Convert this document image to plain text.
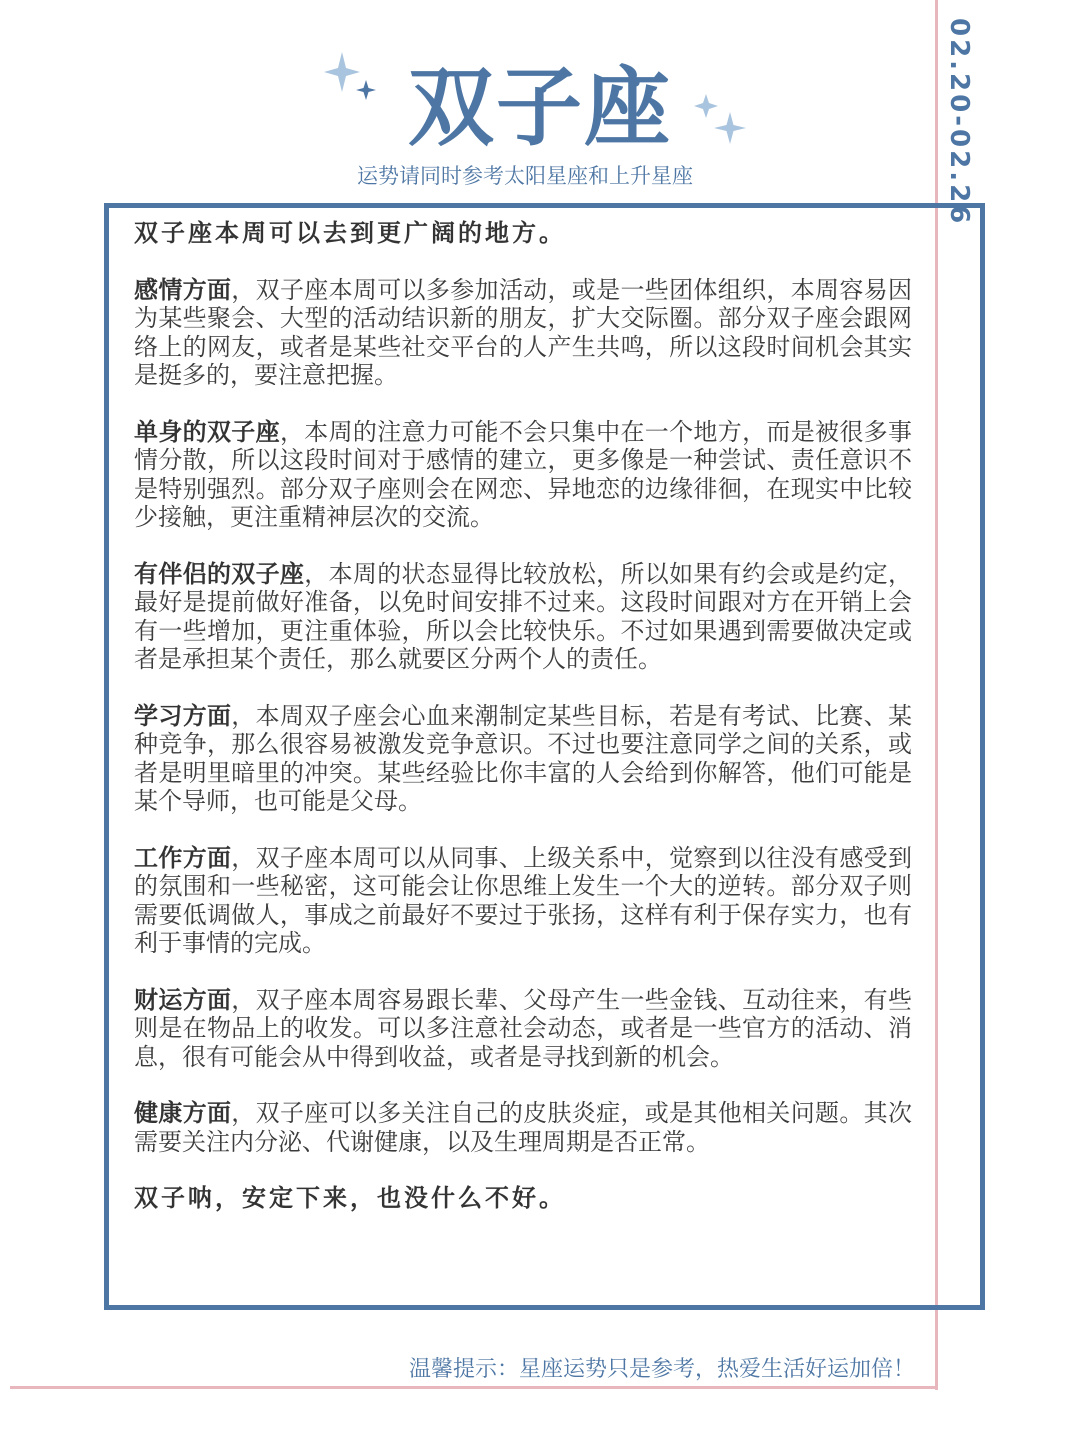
02.20-02.26
双子座
运势请同时参考太阳星座和上升星座

双子座本周可以去到更广阔的地方。

感情方面，双子座本周可以多参加活动，或是一些团体组织，本周容易因为某些聚会、大型的活动结识新的朋友，扩大交际圈。部分双子座会跟网络上的网友，或者是某些社交平台的人产生共鸣，所以这段时间机会其实是挺多的，要注意把握。

单身的双子座，本周的注意力可能不会只集中在一个地方，而是被很多事情分散，所以这段时间对于感情的建立，更多像是一种尝试、责任意识不是特别强烈。部分双子座则会在网恋、异地恋的边缘徘徊，在现实中比较少接触，更注重精神层次的交流。

有伴侣的双子座，本周的状态显得比较放松，所以如果有约会或是约定，最好是提前做好准备，以免时间安排不过来。这段时间跟对方在开销上会有一些增加，更注重体验，所以会比较快乐。不过如果遇到需要做决定或者是承担某个责任，那么就要区分两个人的责任。

学习方面，本周双子座会心血来潮制定某些目标，若是有考试、比赛、某种竞争，那么很容易被激发竞争意识。不过也要注意同学之间的关系，或者是明里暗里的冲突。某些经验比你丰富的人会给到你解答，他们可能是某个导师，也可能是父母。

工作方面，双子座本周可以从同事、上级关系中，觉察到以往没有感受到的氛围和一些秘密，这可能会让你思维上发生一个大的逆转。部分双子则需要低调做人，事成之前最好不要过于张扬，这样有利于保存实力，也有利于事情的完成。

财运方面，双子座本周容易跟长辈、父母产生一些金钱、互动往来，有些则是在物品上的收发。可以多注意社会动态，或者是一些官方的活动、消息，很有可能会从中得到收益，或者是寻找到新的机会。

健康方面，双子座可以多关注自己的皮肤炎症，或是其他相关问题。其次需要关注内分泌、代谢健康，以及生理周期是否正常。

双子呐，安定下来，也没什么不好。

温馨提示：星座运势只是参考，热爱生活好运加倍！
